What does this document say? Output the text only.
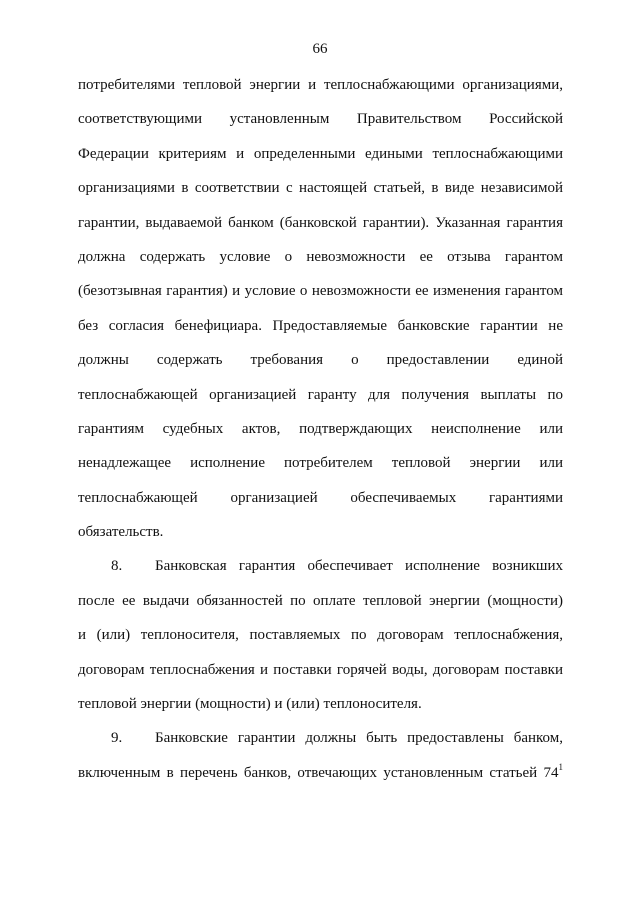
66
потребителями тепловой энергии и теплоснабжающими организациями,
соответствующими установленным Правительством Российской
Федерации критериям и определенными едиными теплоснабжающими
организациями в соответствии с настоящей статьей, в виде независимой
гарантии, выдаваемой банком (банковской гарантии). Указанная гарантия
должна содержать условие о невозможности ее отзыва гарантом
(безотзывная гарантия) и условие о невозможности ее изменения гарантом
без согласия бенефициара. Предоставляемые банковские гарантии не
должны содержать требования о предоставлении единой
теплоснабжающей организацией гаранту для получения выплаты по
гарантиям судебных актов, подтверждающих неисполнение или
ненадлежащее исполнение потребителем тепловой энергии или
теплоснабжающей организацией обеспечиваемых гарантиями
обязательств.
8. Банковская гарантия обеспечивает исполнение возникших
после ее выдачи обязанностей по оплате тепловой энергии (мощности)
и (или) теплоносителя, поставляемых по договорам теплоснабжения,
договорам теплоснабжения и поставки горячей воды, договорам поставки
тепловой энергии (мощности) и (или) теплоносителя.
9. Банковские гарантии должны быть предоставлены банком,
включенным в перечень банков, отвечающих установленным статьей $74^1$
